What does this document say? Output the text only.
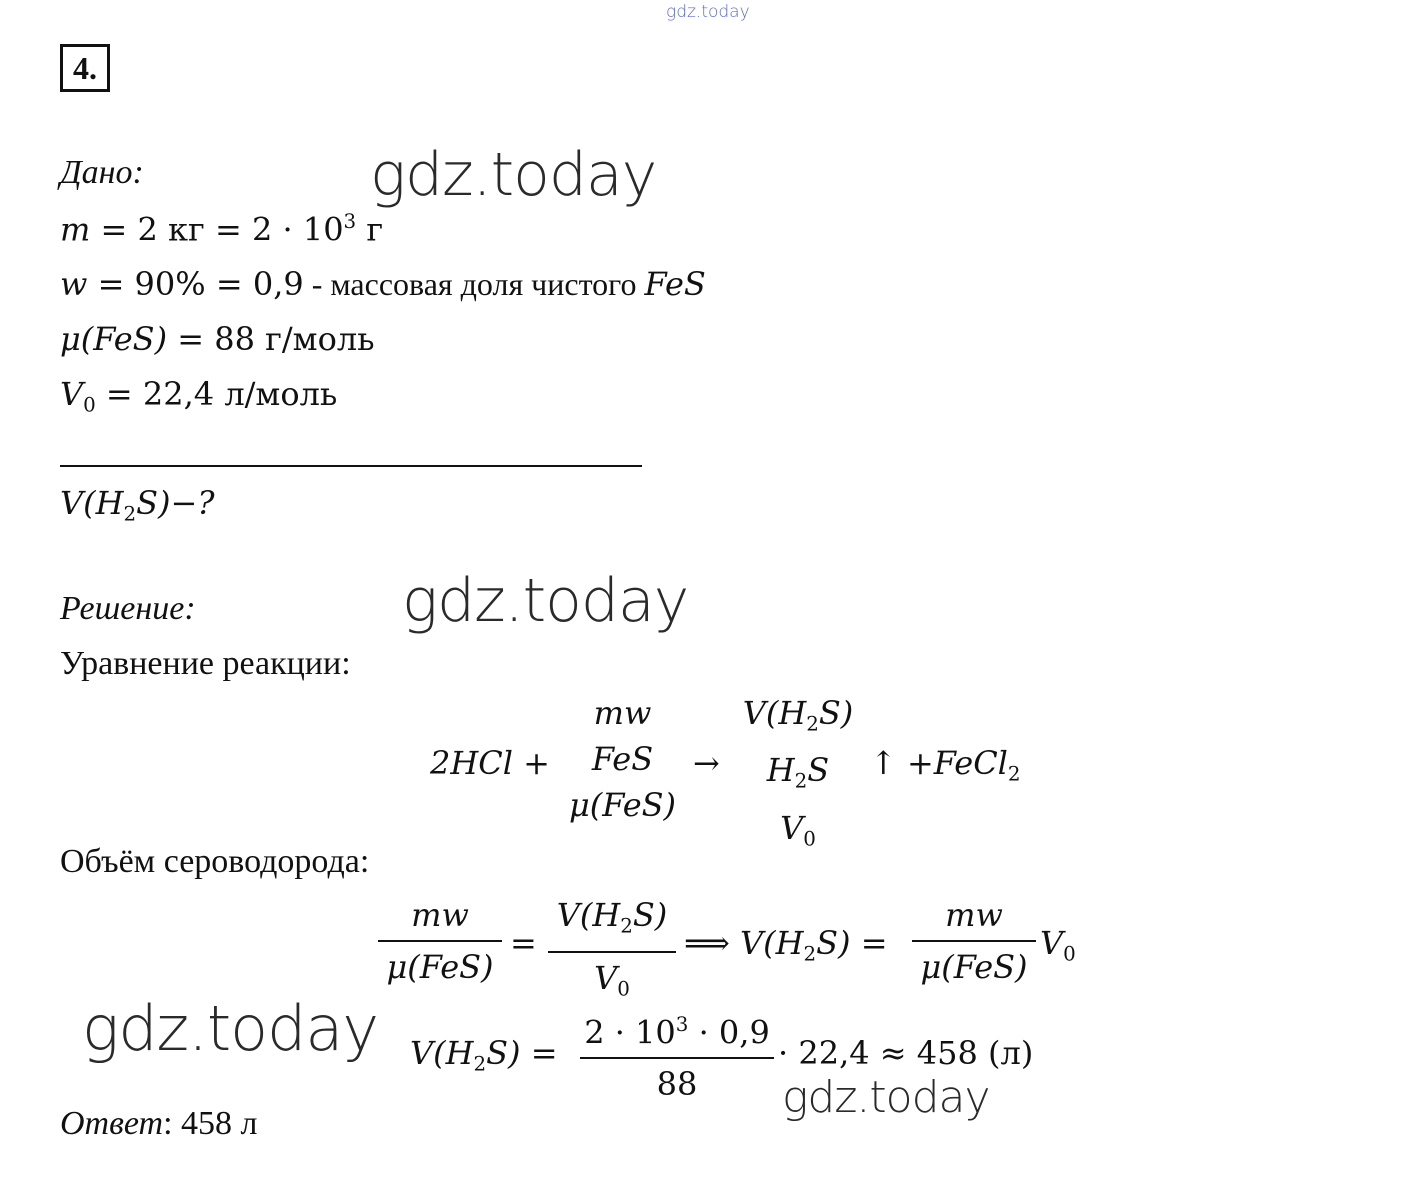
gdz.today
gdz.today
gdz.today
gdz.today
gdz.today
4.
Дано:
m = 2 кг = $2 \cdot 10^3$ г
w = 90% = 0,9 - массовая доля чистого FeS
μ(FeS) = 88 г/моль
$V_0 = 22,4$ л/моль
$V(H_2S)-$?
Решение:
Уравнение реакции:
2HCl +
mw
FeS
μ(FeS)
→
$V(H_2S)$
$H_2S$
$V_0$
↑ +FeCl$_2$
Объём сероводорода:
mw
μ(FeS)
=
$V(H_2S)$
$V_0$
⟹ $V(H_2S)$ =
mw
μ(FeS)
$V_0$
$V(H_2S)$ =
$2 \cdot 10^3 \cdot 0,9$
88
· 22,4 ≈ 458 (л)
Ответ: 458 л
